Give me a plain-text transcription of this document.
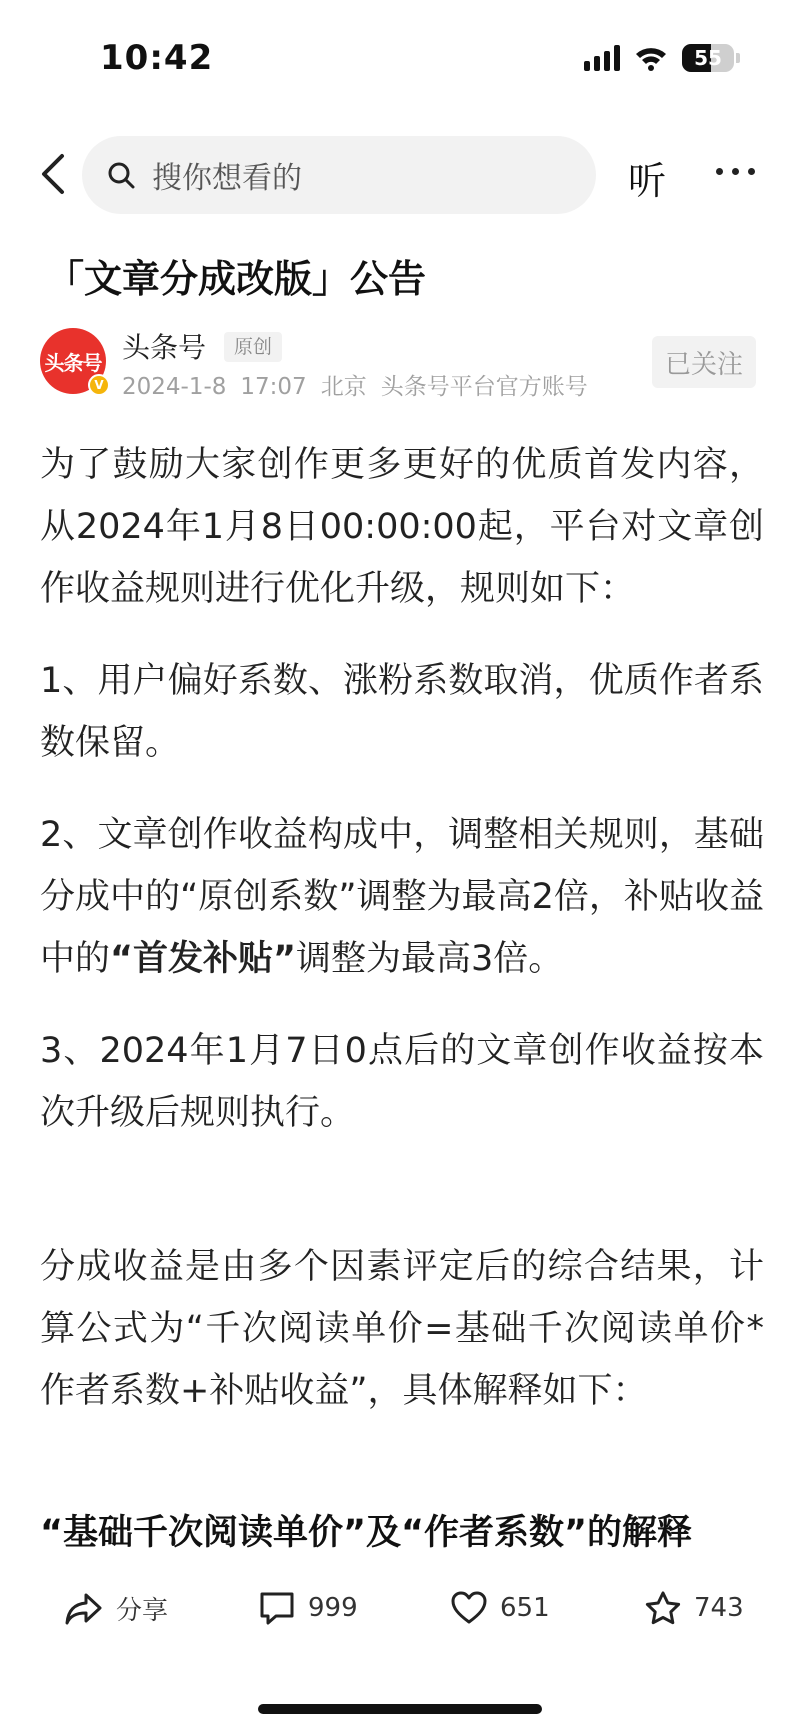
10:42	55
搜你想看的	听
「文章分成改版」公告
头条号
V
头条号	原创
2024-1-8 17:07 北京 头条号平台官方账号
已关注

为了鼓励大家创作更多更好的优质首发内容，从2024年1月8日00:00:00起，平台对文章创作收益规则进行优化升级，规则如下：

1、用户偏好系数、涨粉系数取消，优质作者系数保留。

2、文章创作收益构成中，调整相关规则，基础分成中的“原创系数”调整为最高2倍，补贴收益中的“首发补贴”调整为最高3倍。

3、2024年1月7日0点后的文章创作收益按本次升级后规则执行。

分成收益是由多个因素评定后的综合结果，计算公式为“千次阅读单价=基础千次阅读单价*作者系数+补贴收益”，具体解释如下：

“基础千次阅读单价”及“作者系数”的解释

分享	999	651	743
